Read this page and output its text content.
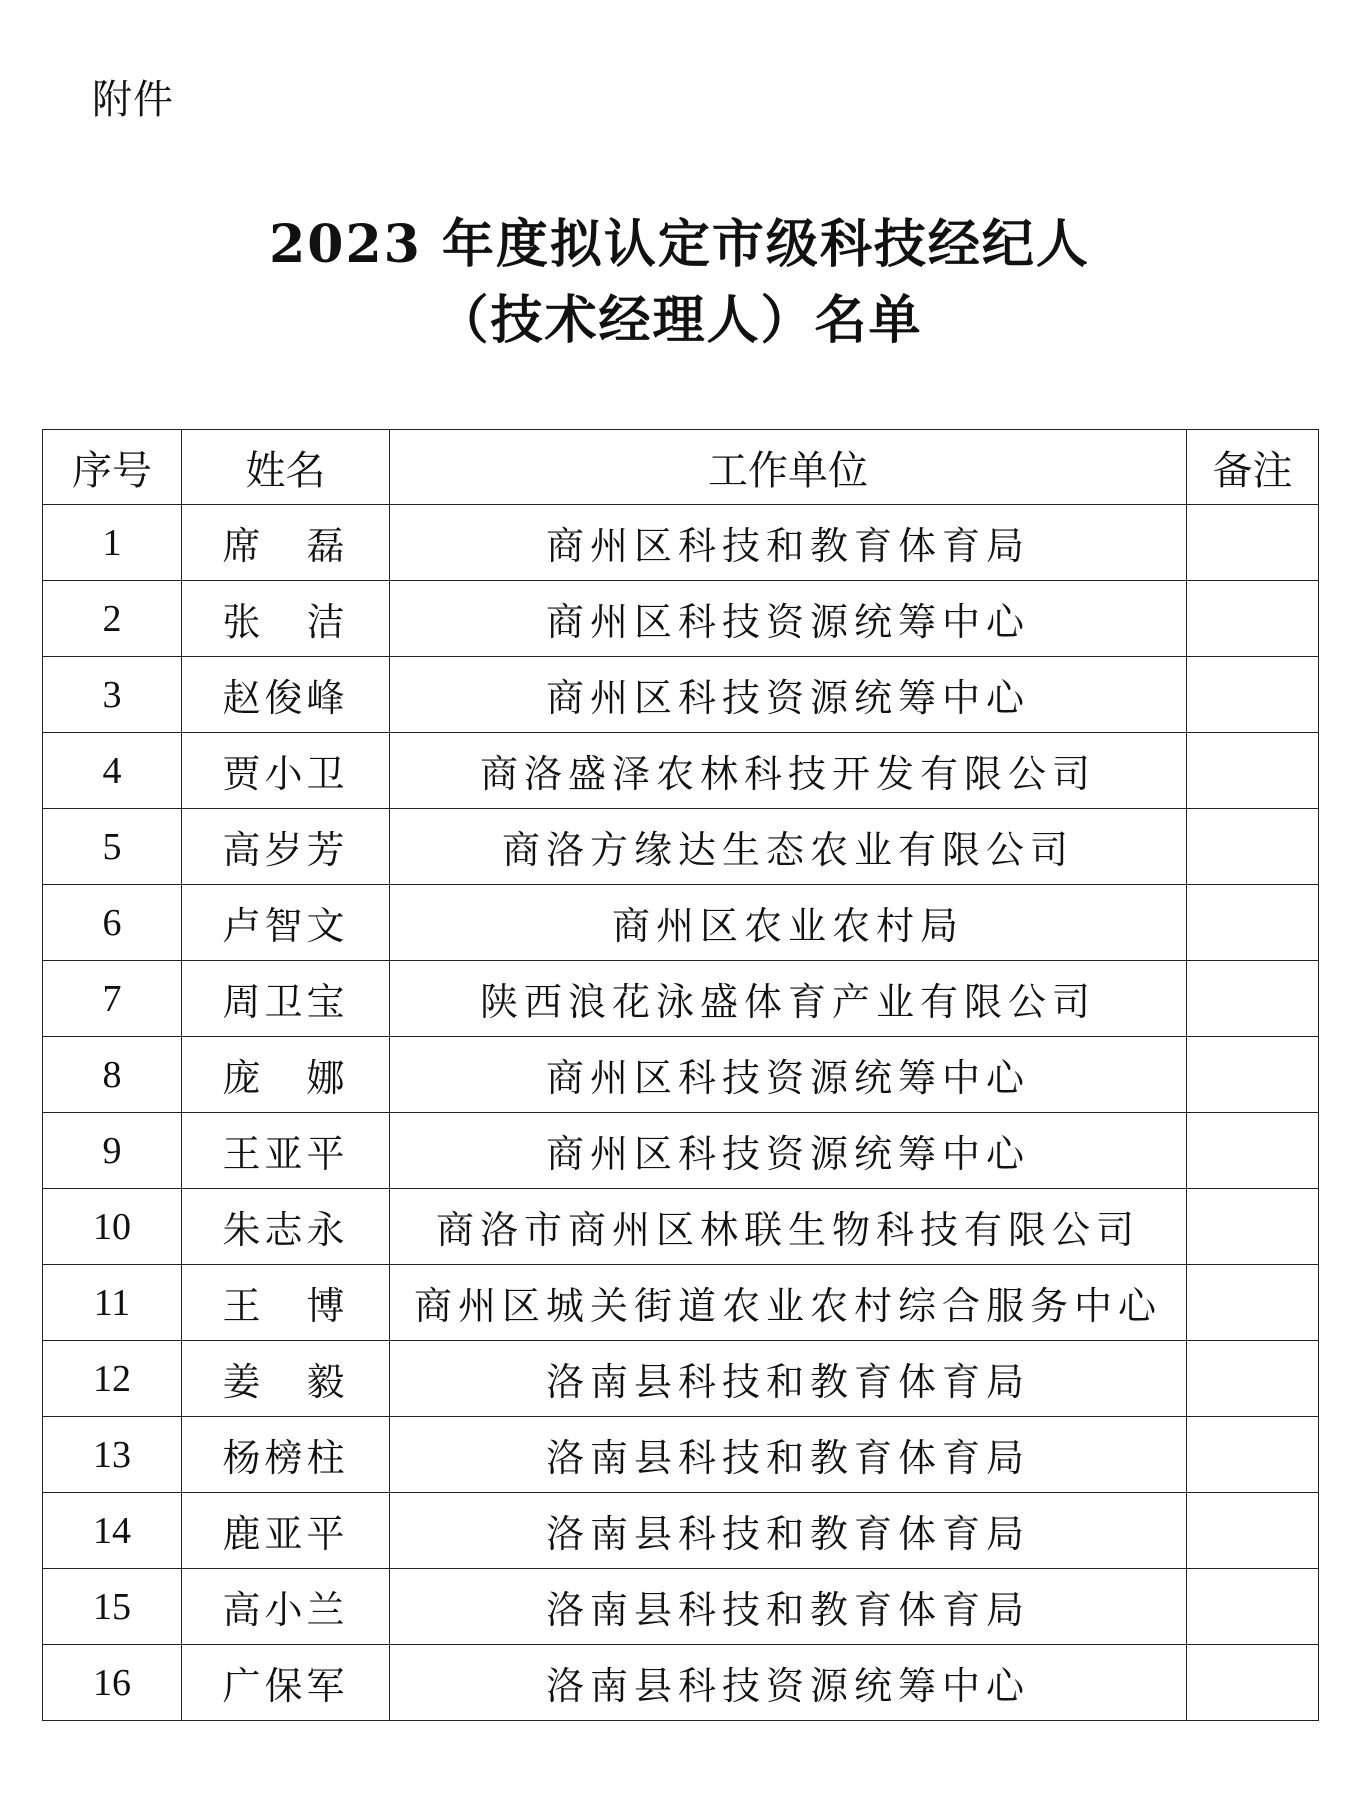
附件
2023 年度拟认定市级科技经纪人
（技术经理人）名单
序号	姓名	工作单位	备注
1	席　磊	商州区科技和教育体育局	
2	张　洁	商州区科技资源统筹中心	
3	赵俊峰	商州区科技资源统筹中心	
4	贾小卫	商洛盛泽农林科技开发有限公司	
5	高岁芳	商洛方缘达生态农业有限公司	
6	卢智文	商州区农业农村局	
7	周卫宝	陕西浪花泳盛体育产业有限公司	
8	庞　娜	商州区科技资源统筹中心	
9	王亚平	商州区科技资源统筹中心	
10	朱志永	商洛市商州区林联生物科技有限公司	
11	王　博	商州区城关街道农业农村综合服务中心	
12	姜　毅	洛南县科技和教育体育局	
13	杨榜柱	洛南县科技和教育体育局	
14	鹿亚平	洛南县科技和教育体育局	
15	高小兰	洛南县科技和教育体育局	
16	广保军	洛南县科技资源统筹中心	
